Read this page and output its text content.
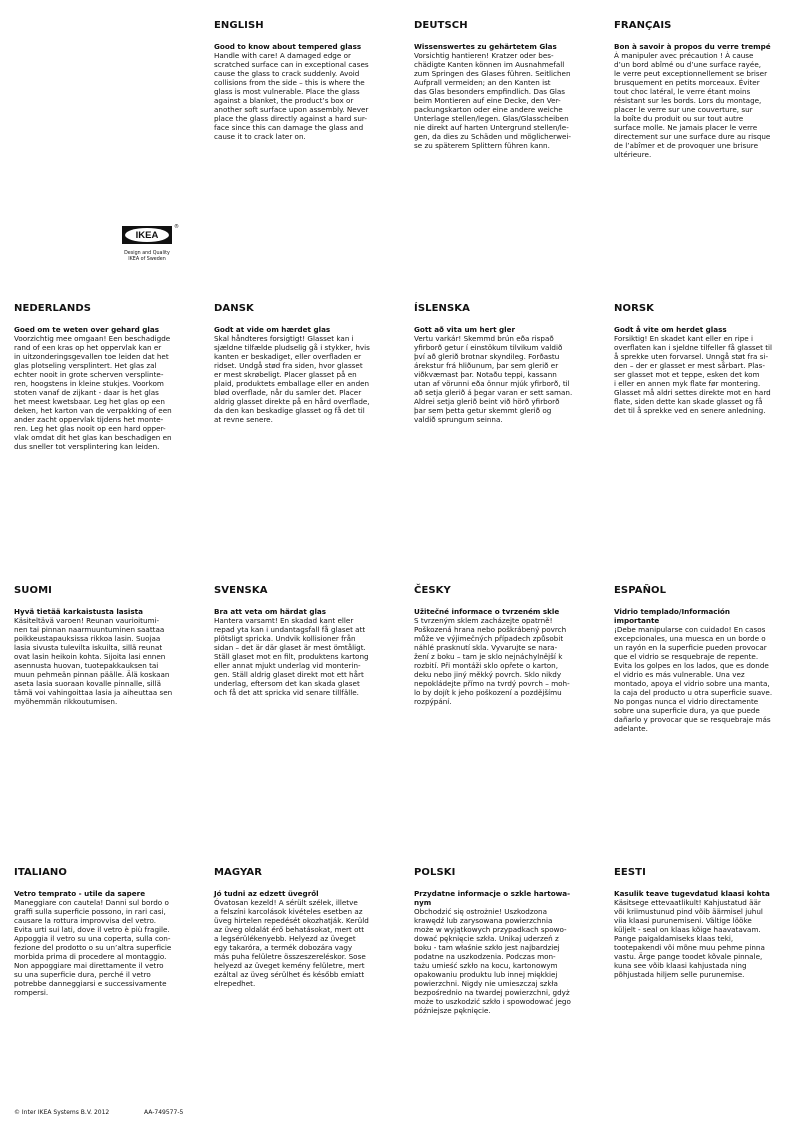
ENGLISH

Good to know about tempered glass

Handle with care! A damaged edge or
scratched surface can in exceptional cases
cause the glass to crack suddenly. Avoid
collisions from the side – this is where the
glass is most vulnerable. Place the glass
against a blanket, the product’s box or
another soft surface upon assembly. Never
place the glass directly against a hard sur-
face since this can damage the glass and
cause it to crack later on.

DEUTSCH

Wissenswertes zu gehärtetem Glas

Vorsichtig hantieren! Kratzer oder bes-
chädigte Kanten können im Ausnahmefall
zum Springen des Glases führen. Seitlichen
Aufprall vermeiden; an den Kanten ist
das Glas besonders empfindlich. Das Glas
beim Montieren auf eine Decke, den Ver-
packungskarton oder eine andere weiche
Unterlage stellen/legen. Glas/Glasscheiben
nie direkt auf harten Untergrund stellen/le-
gen, da dies zu Schäden und möglicherwei-
se zu späterem Splittern führen kann.

FRANÇAIS

Bon à savoir à propos du verre trempé

À manipuler avec précaution ! À cause
d’un bord abîmé ou d’une surface rayée,
le verre peut exceptionnellement se briser
brusquement en petits morceaux. Éviter
tout choc latéral, le verre étant moins
résistant sur les bords. Lors du montage,
placer le verre sur une couverture, sur
la boîte du produit ou sur tout autre
surface molle. Ne jamais placer le verre
directement sur une surface dure au risque
de l’abîmer et de provoquer une brisure
ultérieure.

IKEA
®
Design and Quality
IKEA of Sweden
NEDERLANDS

Goed om te weten over gehard glas

Voorzichtig mee omgaan! Een beschadigde
rand of een kras op het oppervlak kan er
in uitzonderingsgevallen toe leiden dat het
glas plotseling versplintert. Het glas zal
echter nooit in grote scherven versplinte-
ren, hoogstens in kleine stukjes. Voorkom
stoten vanaf de zijkant - daar is het glas
het meest kwetsbaar. Leg het glas op een
deken, het karton van de verpakking of een
ander zacht oppervlak tijdens het monte-
ren. Leg het glas nooit op een hard opper-
vlak omdat dit het glas kan beschadigen en
dus sneller tot versplintering kan leiden.

DANSK

Godt at vide om hærdet glas

Skal håndteres forsigtigt! Glasset kan i
sjældne tilfælde pludselig gå i stykker, hvis
kanten er beskadiget, eller overfladen er
ridset. Undgå stød fra siden, hvor glasset
er mest skrøbeligt. Placer glasset på en
plaid, produktets emballage eller en anden
blød overflade, når du samler det. Placer
aldrig glasset direkte på en hård overflade,
da den kan beskadige glasset og få det til
at revne senere.

ÍSLENSKA

Gott að vita um hert gler

Vertu varkár! Skemmd brún eða rispað
yfirborð getur í einstökum tilvikum valdið
því að glerið brotnar skyndileg. Forðastu
árekstur frá hliðunum, þar sem glerið er
viðkvæmast þar. Notaðu teppi, kassann
utan af vörunni eða önnur mjúk yfirborð, til
að setja glerið á þegar varan er sett saman.
Aldrei setja glerið beint við hörð yfirborð
þar sem þetta getur skemmt glerið og
valdið sprungum seinna.

NORSK

Godt å vite om herdet glass

Forsiktig! En skadet kant eller en ripe i
overflaten kan i sjeldne tilfeller få glasset til
å sprekke uten forvarsel. Unngå støt fra si-
den – der er glasset er mest sårbart. Plas-
ser glasset mot et teppe, esken det kom
i eller en annen myk flate før montering.
Glasset må aldri settes direkte mot en hard
flate, siden dette kan skade glasset og få
det til å sprekke ved en senere anledning.

SUOMI

Hyvä tietää karkaistusta lasista

Käsiteltävä varoen! Reunan vaurioitumi-
nen tai pinnan naarmuuntuminen saattaa
poikkeustapauksissa rikkoa lasin. Suojaa
lasia sivusta tulevilta iskuilta, sillä reunat
ovat lasin heikoin kohta. Sijoita lasi ennen
asennusta huovan, tuotepakkauksen tai
muun pehmeän pinnan päälle. Älä koskaan
aseta lasia suoraan kovalle pinnalle, sillä
tämä voi vahingoittaa lasia ja aiheuttaa sen
myöhemmän rikkoutumisen.

SVENSKA

Bra att veta om härdat glas

Hantera varsamt! En skadad kant eller
repad yta kan i undantagsfall få glaset att
plötsligt spricka. Undvik kollisioner från
sidan – det är där glaset är mest ömtåligt.
Ställ glaset mot en filt, produktens kartong
eller annat mjukt underlag vid monterin-
gen. Ställ aldrig glaset direkt mot ett hårt
underlag, eftersom det kan skada glaset
och få det att spricka vid senare tillfälle.

ČESKY

Užitečné informace o tvrzeném skle

S tvrzeným sklem zacházejte opatrně!
Poškozená hrana nebo poškrábený povrch
může ve výjimečných případech způsobit
náhlé prasknutí skla. Vyvarujte se nara-
žení z boku – tam je sklo nejnáchylnější k
rozbití. Při montáži sklo opřete o karton,
deku nebo jiný měkký povrch. Sklo nikdy
nepokládejte přímo na tvrdý povrch – moh-
lo by dojít k jeho poškození a pozdějšímu
rozpýpání.

ESPAÑOL

Vidrio templado/Información
importante

¡Debe manipularse con cuidado! En casos
excepcionales, una muesca en un borde o
un rayón en la superficie pueden provocar
que el vidrio se resquebraje de repente.
Evita los golpes en los lados, que es donde
el vidrio es más vulnerable. Una vez
montado, apoya el vidrio sobre una manta,
la caja del producto u otra superficie suave.
No pongas nunca el vidrio directamente
sobre una superficie dura, ya que puede
dañarlo y provocar que se resquebraje más
adelante.

ITALIANO

Vetro temprato - utile da sapere

Maneggiare con cautela! Danni sul bordo o
graffi sulla superficie possono, in rari casi,
causare la rottura improvvisa del vetro.
Evita urti sui lati, dove il vetro è più fragile.
Appoggia il vetro su una coperta, sulla con-
fezione del prodotto o su un’altra superficie
morbida prima di procedere al montaggio.
Non appoggiare mai direttamente il vetro
su una superficie dura, perché il vetro
potrebbe danneggiarsi e successivamente
rompersi.

MAGYAR

Jó tudni az edzett üvegről

Óvatosan kezeld! A sérült szélek, illetve
a felszíni karcolások kivételes esetben az
üveg hirtelen repedését okozhatják. Kerüld
az üveg oldalát érő behatásokat, mert ott
a legsérülékenyebb. Helyezd az üveget
egy takaróra, a termék dobozára vagy
más puha felületre összeszereléskor. Sose
helyezd az üveget kemény felületre, mert
ezáltal az üveg sérülhet és később emiatt
elrepedhet.

POLSKI

Przydatne informacje o szkle hartowa-
nym

Obchodzić się ostrożnie! Uszkodzona
krawędź lub zarysowana powierzchnia
może w wyjątkowych przypadkach spowo-
dować pęknięcie szkła. Unikaj uderzeń z
boku - tam właśnie szkło jest najbardziej
podatne na uszkodzenia. Podczas mon-
tażu umieść szkło na kocu, kartonowym
opakowaniu produktu lub innej miękkiej
powierzchni. Nigdy nie umieszczaj szkła
bezpośrednio na twardej powierzchni, gdyż
może to uszkodzić szkło i spowodować jego
późniejsze pęknięcie.

EESTI

Kasulik teave tugevdatud klaasi kohta

Käsitsege ettevaatlikult! Kahjustatud äär
või kriimustunud pind võib äärmisel juhul
viia klaasi purunemiseni. Vältige lööke
küljelt - seal on klaas kõige haavatavam.
Pange paigaldamiseks klaas teki,
tootepakendi või mõne muu pehme pinna
vastu. Ärge pange toodet kõvale pinnale,
kuna see võib klaasi kahjustada ning
põhjustada hiljem selle purunemise.

© Inter IKEA Systems B.V. 2012	AA-749577-5
